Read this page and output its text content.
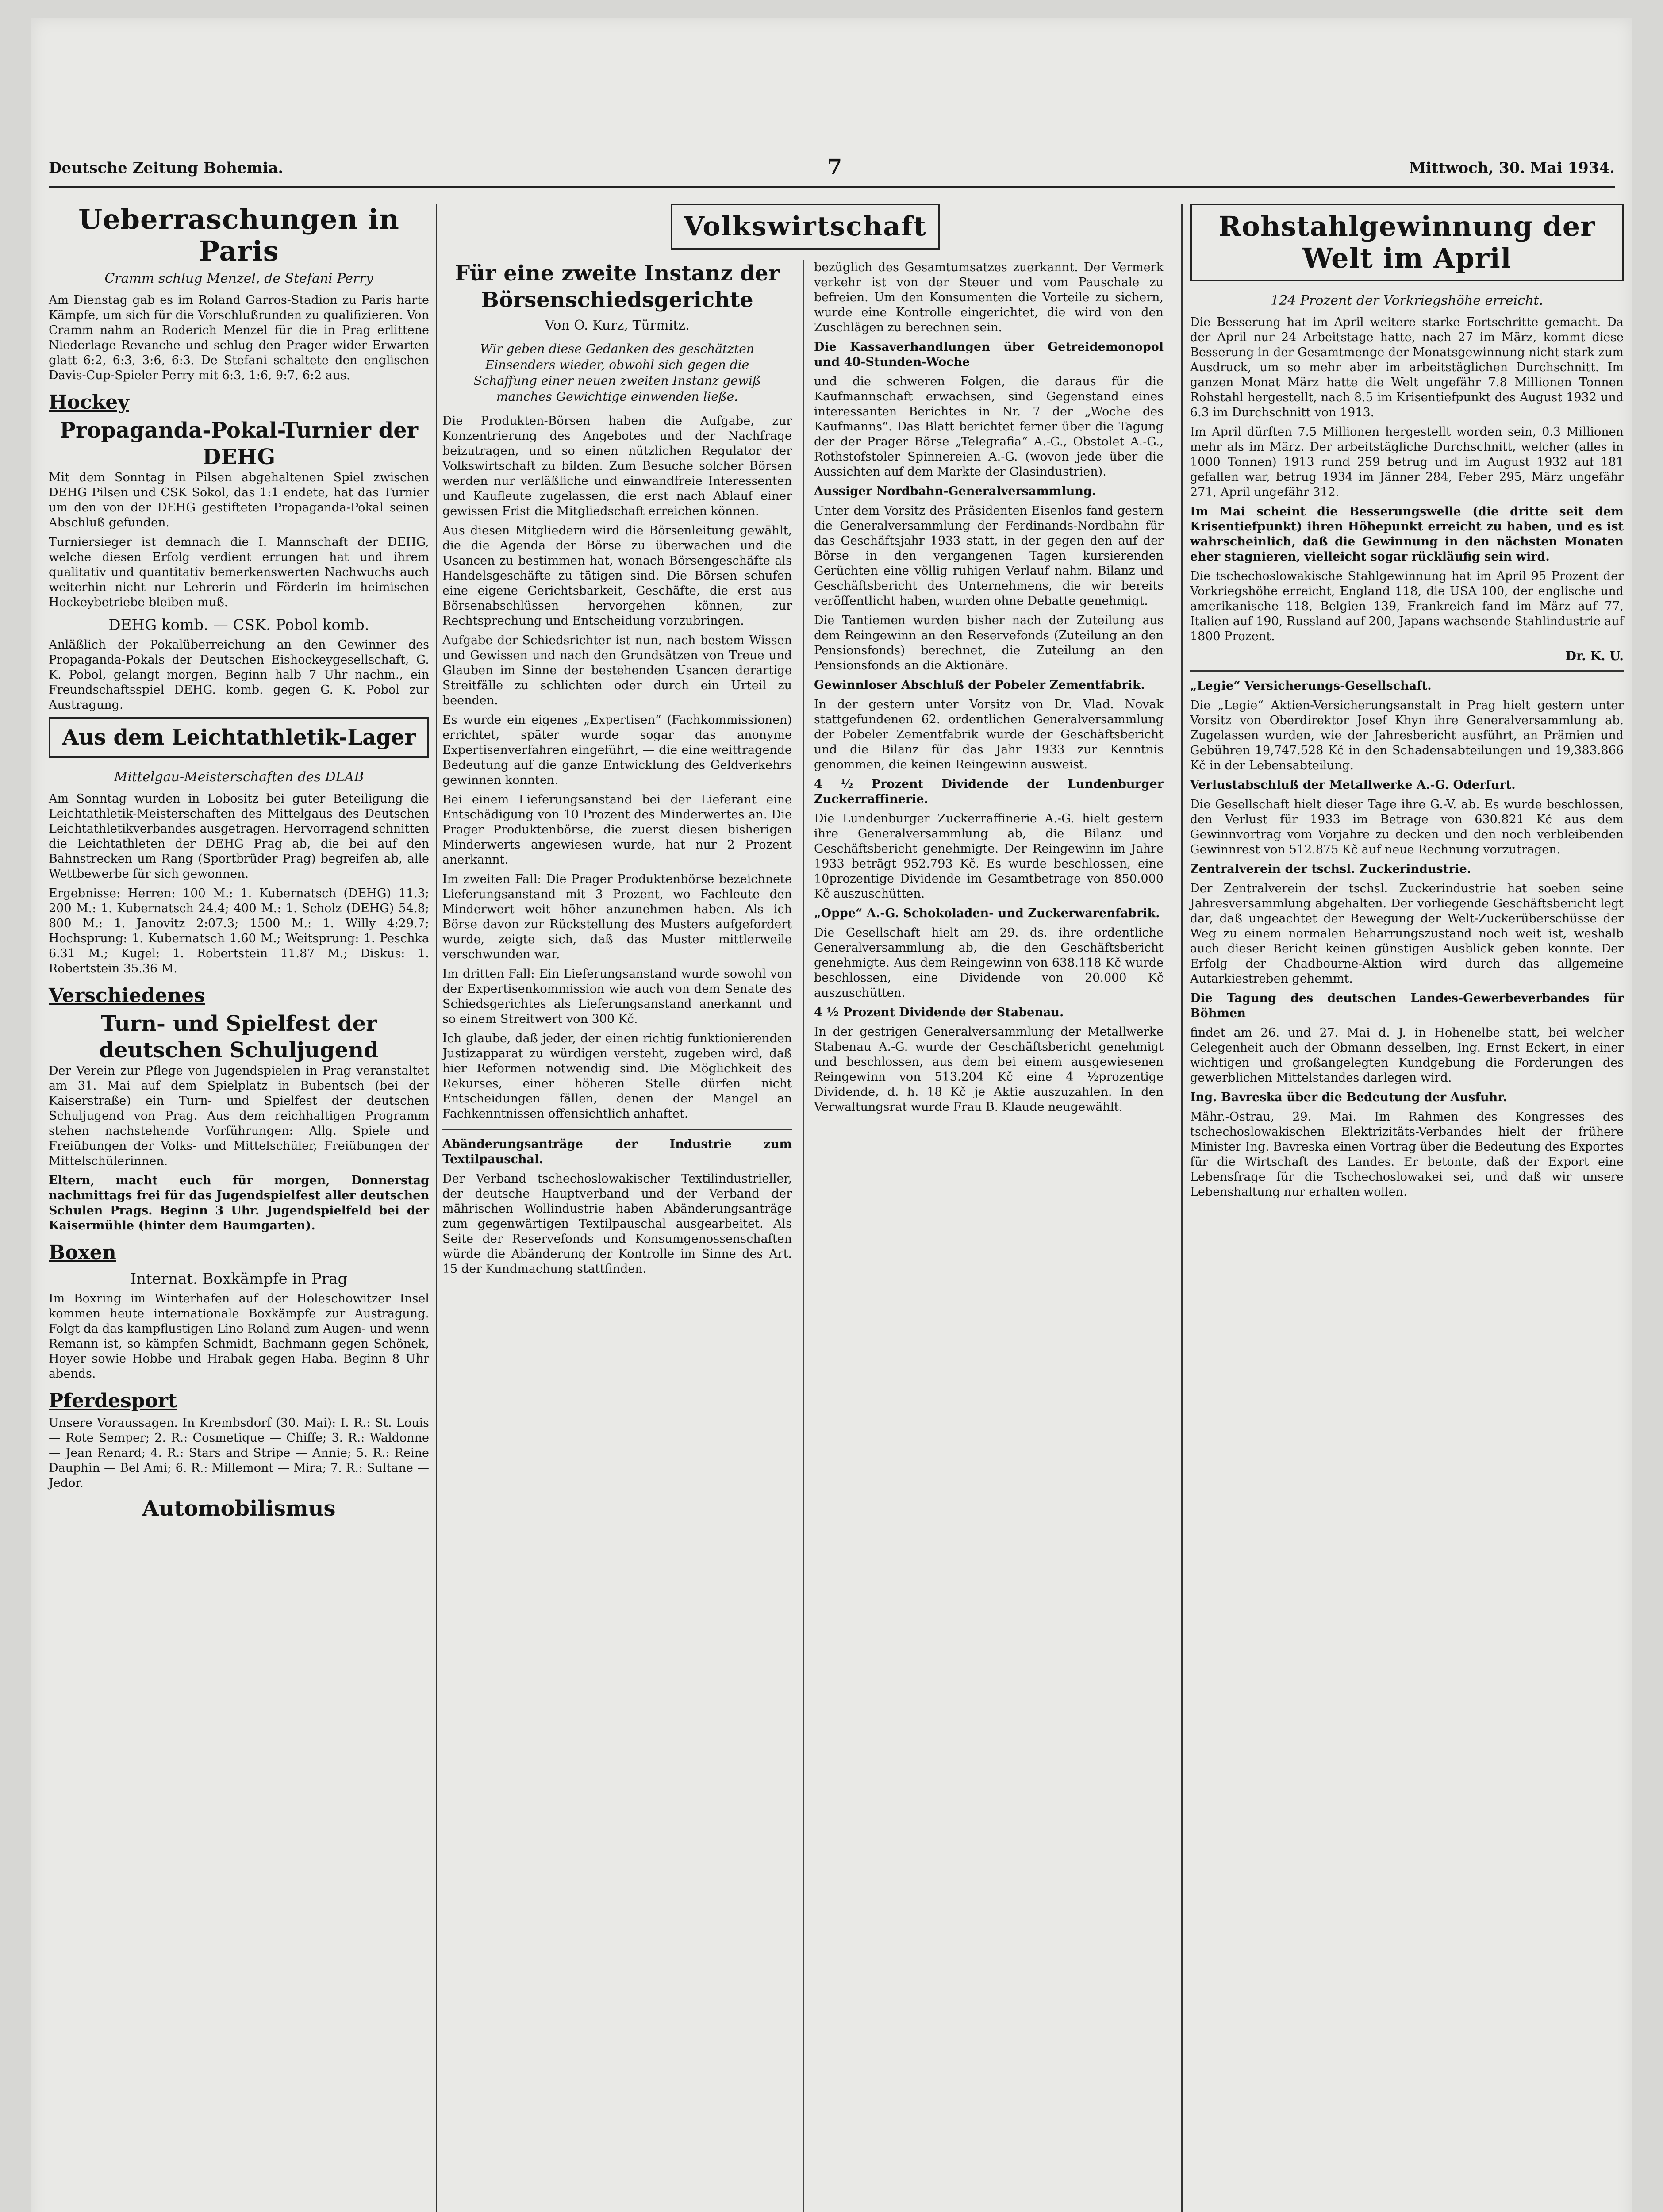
Deutsche Zeitung Bohemia.	7	Mittwoch, 30. Mai 1934.
Ueberraschungen in Paris
Cramm schlug Menzel, de Stefani Perry

Am Dienstag gab es im Roland Garros-Stadion zu Paris harte Kämpfe, um sich für die Vorschlußrunden zu qualifizieren. Von Cramm nahm an Roderich Menzel für die in Prag erlittene Niederlage Revanche und schlug den Prager wider Erwarten glatt 6:2, 6:3, 3:6, 6:3. De Stefani schaltete den englischen Davis-Cup-Spieler Perry mit 6:3, 1:6, 9:7, 6:2 aus.

Hockey
Propaganda-Pokal-Turnier der DEHG

Mit dem Sonntag in Pilsen abgehaltenen Spiel zwischen DEHG Pilsen und CSK Sokol, das 1:1 endete, hat das Turnier um den von der DEHG gestifteten Propaganda-Pokal seinen Abschluß gefunden.

Turniersieger ist demnach die I. Mannschaft der DEHG, welche diesen Erfolg verdient errungen hat und ihrem qualitativ und quantitativ bemerkenswerten Nachwuchs auch weiterhin nicht nur Lehrerin und Förderin im heimischen Hockeybetriebe bleiben muß.

DEHG komb. — CSK. Pobol komb.

Anläßlich der Pokalüberreichung an den Gewinner des Propaganda-Pokals der Deutschen Eishockeygesellschaft, G. K. Pobol, gelangt morgen, Beginn halb 7 Uhr nachm., ein Freundschaftsspiel DEHG. komb. gegen G. K. Pobol zur Austragung.

Aus dem Leichtathletik-Lager
Mittelgau-Meisterschaften des DLAB

Am Sonntag wurden in Lobositz bei guter Beteiligung die Leichtathletik-Meisterschaften des Mittelgaus des Deutschen Leichtathletikverbandes ausgetragen. Hervorragend schnitten die Leichtathleten der DEHG Prag ab, die bei auf den Bahnstrecken um Rang (Sportbrüder Prag) begreifen ab, alle Wettbewerbe für sich gewonnen.

Ergebnisse: Herren: 100 M.: 1. Kubernatsch (DEHG) 11.3; 200 M.: 1. Kubernatsch 24.4; 400 M.: 1. Scholz (DEHG) 54.8; 800 M.: 1. Janovitz 2:07.3; 1500 M.: 1. Willy 4:29.7; Hochsprung: 1. Kubernatsch 1.60 M.; Weitsprung: 1. Peschka 6.31 M.; Kugel: 1. Robertstein 11.87 M.; Diskus: 1. Robertstein 35.36 M.

Verschiedenes
Turn- und Spielfest der deutschen Schuljugend

Der Verein zur Pflege von Jugendspielen in Prag veranstaltet am 31. Mai auf dem Spielplatz in Bubentsch (bei der Kaiserstraße) ein Turn- und Spielfest der deutschen Schuljugend von Prag. Aus dem reichhaltigen Programm stehen nachstehende Vorführungen: Allg. Spiele und Freiübungen der Volks- und Mittelschüler, Freiübungen der Mittelschülerinnen.

Eltern, macht euch für morgen, Donnerstag nachmittags frei für das Jugendspielfest aller deutschen Schulen Prags. Beginn 3 Uhr. Jugendspielfeld bei der Kaisermühle (hinter dem Baumgarten).

Boxen
Internat. Boxkämpfe in Prag

Im Boxring im Winterhafen auf der Holeschowitzer Insel kommen heute internationale Boxkämpfe zur Austragung. Folgt da das kampflustigen Lino Roland zum Augen- und wenn Remann ist, so kämpfen Schmidt, Bachmann gegen Schönek, Hoyer sowie Hobbe und Hrabak gegen Haba. Beginn 8 Uhr abends.

Pferdesport

Unsere Voraussagen. In Krembsdorf (30. Mai): I. R.: St. Louis — Rote Semper; 2. R.: Cosmetique — Chiffe; 3. R.: Waldonne — Jean Renard; 4. R.: Stars and Stripe — Annie; 5. R.: Reine Dauphin — Bel Ami; 6. R.: Millemont — Mira; 7. R.: Sultane — Jedor.

Automobilismus
Volkswirtschaft
Für eine zweite Instanz der Börsenschiedsgerichte
Von O. Kurz, Türmitz.
Wir geben diese Gedanken des geschätzten Einsenders wieder, obwohl sich gegen die Schaffung einer neuen zweiten Instanz gewiß manches Gewichtige einwenden ließe.

Die Produkten-Börsen haben die Aufgabe, zur Konzentrierung des Angebotes und der Nachfrage beizutragen, und so einen nützlichen Regulator der Volkswirtschaft zu bilden. Zum Besuche solcher Börsen werden nur verläßliche und einwandfreie Interessenten und Kaufleute zugelassen, die erst nach Ablauf einer gewissen Frist die Mitgliedschaft erreichen können.

Aus diesen Mitgliedern wird die Börsenleitung gewählt, die die Agenda der Börse zu überwachen und die Usancen zu bestimmen hat, wonach Börsengeschäfte als Handelsgeschäfte zu tätigen sind. Die Börsen schufen eine eigene Gerichtsbarkeit, Geschäfte, die erst aus Börsenabschlüssen hervorgehen können, zur Rechtsprechung und Entscheidung vorzubringen.

Aufgabe der Schiedsrichter ist nun, nach bestem Wissen und Gewissen und nach den Grundsätzen von Treue und Glauben im Sinne der bestehenden Usancen derartige Streitfälle zu schlichten oder durch ein Urteil zu beenden.

Es wurde ein eigenes „Expertisen“ (Fachkommissionen) errichtet, später wurde sogar das anonyme Expertisenverfahren eingeführt, — die eine weittragende Bedeutung auf die ganze Entwicklung des Geldverkehrs gewinnen konnten.

Bei einem Lieferungsanstand bei der Lieferant eine Entschädigung von 10 Prozent des Minderwertes an. Die Prager Produktenbörse, die zuerst diesen bisherigen Minderwerts angewiesen wurde, hat nur 2 Prozent anerkannt.

Im zweiten Fall: Die Prager Produktenbörse bezeichnete Lieferungsanstand mit 3 Prozent, wo Fachleute den Minderwert weit höher anzunehmen haben. Als ich Börse davon zur Rückstellung des Musters aufgefordert wurde, zeigte sich, daß das Muster mittlerweile verschwunden war.

Im dritten Fall: Ein Lieferungsanstand wurde sowohl von der Expertisenkommission wie auch von dem Senate des Schiedsgerichtes als Lieferungsanstand anerkannt und so einem Streitwert von 300 Kč.

Ich glaube, daß jeder, der einen richtig funktionierenden Justizapparat zu würdigen versteht, zugeben wird, daß hier Reformen notwendig sind. Die Möglichkeit des Rekurses, einer höheren Stelle dürfen nicht Entscheidungen fällen, denen der Mangel an Fachkenntnissen offensichtlich anhaftet.

Abänderungsanträge der Industrie zum Textilpauschal.

Der Verband tschechoslowakischer Textilindustrieller, der deutsche Hauptverband und der Verband der mährischen Wollindustrie haben Abänderungsanträge zum gegenwärtigen Textilpauschal ausgearbeitet. Als Seite der Reservefonds und Konsumgenossenschaften würde die Abänderung der Kontrolle im Sinne des Art. 15 der Kundmachung stattfinden.

bezüglich des Gesamtumsatzes zuerkannt. Der Vermerk verkehr ist von der Steuer und vom Pauschale zu befreien. Um den Konsumenten die Vorteile zu sichern, wurde eine Kontrolle eingerichtet, die wird von den Zuschlägen zu berechnen sein.

Die Kassaverhandlungen über Getreidemonopol und 40-Stunden-Woche

und die schweren Folgen, die daraus für die Kaufmannschaft erwachsen, sind Gegenstand eines interessanten Berichtes in Nr. 7 der „Woche des Kaufmanns“. Das Blatt berichtet ferner über die Tagung der der Prager Börse „Telegrafia“ A.-G., Obstolet A.-G., Rothstofstoler Spinnereien A.-G. (wovon jede über die Aussichten auf dem Markte der Glasindustrien).

Aussiger Nordbahn-Generalversammlung.

Unter dem Vorsitz des Präsidenten Eisenlos fand gestern die Generalversammlung der Ferdinands-Nordbahn für das Geschäftsjahr 1933 statt, in der gegen den auf der Börse in den vergangenen Tagen kursierenden Gerüchten eine völlig ruhigen Verlauf nahm. Bilanz und Geschäftsbericht des Unternehmens, die wir bereits veröffentlicht haben, wurden ohne Debatte genehmigt.

Die Tantiemen wurden bisher nach der Zuteilung aus dem Reingewinn an den Reservefonds (Zuteilung an den Pensionsfonds) berechnet, die Zuteilung an den Pensionsfonds an die Aktionäre.

Gewinnloser Abschluß der Pobeler Zementfabrik.

In der gestern unter Vorsitz von Dr. Vlad. Novak stattgefundenen 62. ordentlichen Generalversammlung der Pobeler Zementfabrik wurde der Geschäftsbericht und die Bilanz für das Jahr 1933 zur Kenntnis genommen, die keinen Reingewinn ausweist.

4 ½ Prozent Dividende der Lundenburger Zuckerraffinerie.

Die Lundenburger Zuckerraffinerie A.-G. hielt gestern ihre Generalversammlung ab, die Bilanz und Geschäftsbericht genehmigte. Der Reingewinn im Jahre 1933 beträgt 952.793 Kč. Es wurde beschlossen, eine 10prozentige Dividende im Gesamtbetrage von 850.000 Kč auszuschütten.

„Oppe“ A.-G. Schokoladen- und Zuckerwarenfabrik.

Die Gesellschaft hielt am 29. ds. ihre ordentliche Generalversammlung ab, die den Geschäftsbericht genehmigte. Aus dem Reingewinn von 638.118 Kč wurde beschlossen, eine Dividende von 20.000 Kč auszuschütten.

4 ½ Prozent Dividende der Stabenau.

In der gestrigen Generalversammlung der Metallwerke Stabenau A.-G. wurde der Geschäftsbericht genehmigt und beschlossen, aus dem bei einem ausgewiesenen Reingewinn von 513.204 Kč eine 4 ½prozentige Dividende, d. h. 18 Kč je Aktie auszuzahlen. In den Verwaltungsrat wurde Frau B. Klaude neugewählt.

Rohstahlgewinnung der Welt im April
124 Prozent der Vorkriegshöhe erreicht.

Die Besserung hat im April weitere starke Fortschritte gemacht. Da der April nur 24 Arbeitstage hatte, nach 27 im März, kommt diese Besserung in der Gesamtmenge der Monatsgewinnung nicht stark zum Ausdruck, um so mehr aber im arbeitstäglichen Durchschnitt. Im ganzen Monat März hatte die Welt ungefähr 7.8 Millionen Tonnen Rohstahl hergestellt, nach 8.5 im Krisentiefpunkt des August 1932 und 6.3 im Durchschnitt von 1913.

Im April dürften 7.5 Millionen hergestellt worden sein, 0.3 Millionen mehr als im März. Der arbeitstägliche Durchschnitt, welcher (alles in 1000 Tonnen) 1913 rund 259 betrug und im August 1932 auf 181 gefallen war, betrug 1934 im Jänner 284, Feber 295, März ungefähr 271, April ungefähr 312.

Im Mai scheint die Besserungswelle (die dritte seit dem Krisentiefpunkt) ihren Höhepunkt erreicht zu haben, und es ist wahrscheinlich, daß die Gewinnung in den nächsten Monaten eher stagnieren, vielleicht sogar rückläufig sein wird.

Die tschechoslowakische Stahlgewinnung hat im April 95 Prozent der Vorkriegshöhe erreicht, England 118, die USA 100, der englische und amerikanische 118, Belgien 139, Frankreich fand im März auf 77, Italien auf 190, Russland auf 200, Japans wachsende Stahlindustrie auf 1800 Prozent.

Dr. K. U.

„Legie“ Versicherungs-Gesellschaft.

Die „Legie“ Aktien-Versicherungsanstalt in Prag hielt gestern unter Vorsitz von Oberdirektor Josef Khyn ihre Generalversammlung ab. Zugelassen wurden, wie der Jahresbericht ausführt, an Prämien und Gebühren 19,747.528 Kč in den Schadensabteilungen und 19,383.866 Kč in der Lebensabteilung.

Verlustabschluß der Metallwerke A.-G. Oderfurt.

Die Gesellschaft hielt dieser Tage ihre G.-V. ab. Es wurde beschlossen, den Verlust für 1933 im Betrage von 630.821 Kč aus dem Gewinnvortrag vom Vorjahre zu decken und den noch verbleibenden Gewinnrest von 512.875 Kč auf neue Rechnung vorzutragen.

Zentralverein der tschsl. Zuckerindustrie.

Der Zentralverein der tschsl. Zuckerindustrie hat soeben seine Jahresversammlung abgehalten. Der vorliegende Geschäftsbericht legt dar, daß ungeachtet der Bewegung der Welt-Zuckerüberschüsse der Weg zu einem normalen Beharrungszustand noch weit ist, weshalb auch dieser Bericht keinen günstigen Ausblick geben konnte. Der Erfolg der Chadbourne-Aktion wird durch das allgemeine Autarkiestreben gehemmt.

Die Tagung des deutschen Landes-Gewerbeverbandes für Böhmen

findet am 26. und 27. Mai d. J. in Hohenelbe statt, bei welcher Gelegenheit auch der Obmann desselben, Ing. Ernst Eckert, in einer wichtigen und großangelegten Kundgebung die Forderungen des gewerblichen Mittelstandes darlegen wird.

Ing. Bavreska über die Bedeutung der Ausfuhr.

Mähr.-Ostrau, 29. Mai. Im Rahmen des Kongresses des tschechoslowakischen Elektrizitäts-Verbandes hielt der frühere Minister Ing. Bavreska einen Vortrag über die Bedeutung des Exportes für die Wirtschaft des Landes. Er betonte, daß der Export eine Lebensfrage für die Tschechoslowakei sei, und daß wir unsere Lebenshaltung nur erhalten wollen.
